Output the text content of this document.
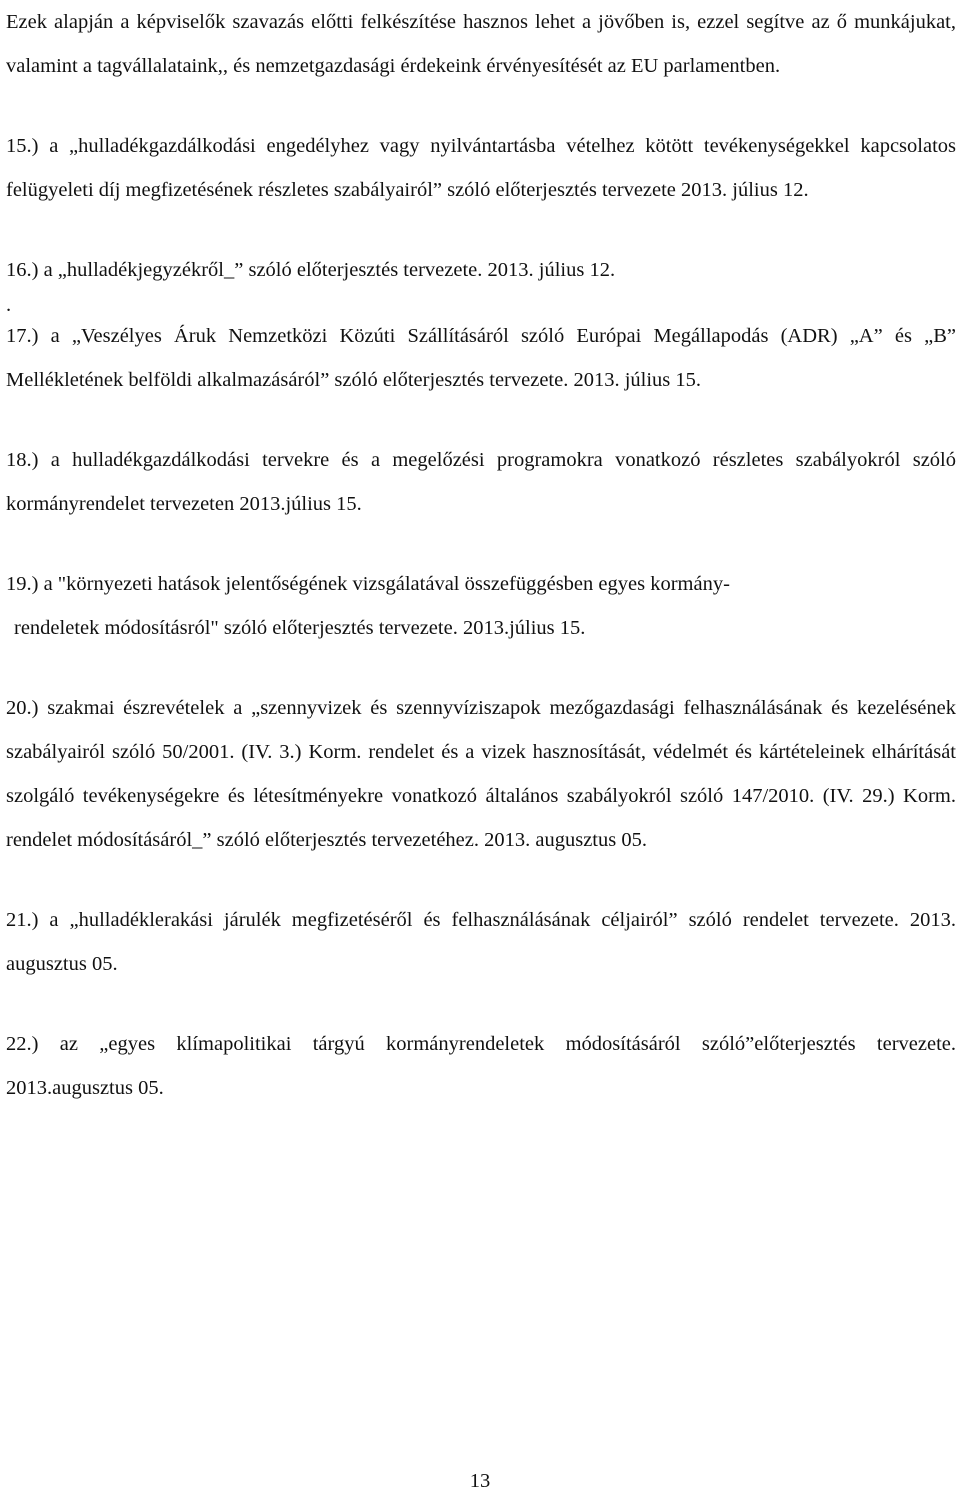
Ezek alapján a képviselők szavazás előtti felkészítése hasznos lehet a jövőben is, ezzel segítve az ő munkájukat, valamint a tagvállalataink,, és nemzetgazdasági érdekeink érvényesítését az EU parlamentben.

15.) a „hulladékgazdálkodási engedélyhez vagy nyilvántartásba vételhez kötött tevékenységekkel kapcsolatos felügyeleti díj megfizetésének részletes szabályairól” szóló előterjesztés tervezete 2013. július 12.

16.) a „hulladékjegyzékről_” szóló előterjesztés tervezete. 2013. július 12.

.

17.) a „Veszélyes Áruk Nemzetközi Közúti Szállításáról szóló Európai Megállapodás (ADR) „A” és „B” Mellékletének belföldi alkalmazásáról” szóló előterjesztés tervezete. 2013. július 15.

18.) a hulladékgazdálkodási tervekre és a megelőzési programokra vonatkozó részletes szabályokról szóló kormányrendelet tervezeten 2013.július 15.

19.) a "környezeti hatások jelentőségének vizsgálatával összefüggésben egyes kormány-

rendeletek módosításról" szóló előterjesztés tervezete. 2013.július 15.

20.) szakmai észrevételek a „szennyvizek és szennyvíziszapok mezőgazdasági felhasználásának és kezelésének szabályairól szóló 50/2001. (IV. 3.) Korm. rendelet és a vizek hasznosítását, védelmét és kártételeinek elhárítását szolgáló tevékenységekre és létesítményekre vonatkozó általános szabályokról szóló 147/2010. (IV. 29.) Korm. rendelet módosításáról_” szóló előterjesztés tervezetéhez. 2013. augusztus 05.

21.) a „hulladéklerakási járulék megfizetéséről és felhasználásának céljairól” szóló rendelet tervezete. 2013. augusztus 05.

22.) az „egyes klímapolitikai tárgyú kormányrendeletek módosításáról szóló”előterjesztés tervezete. 2013.augusztus 05.

13
